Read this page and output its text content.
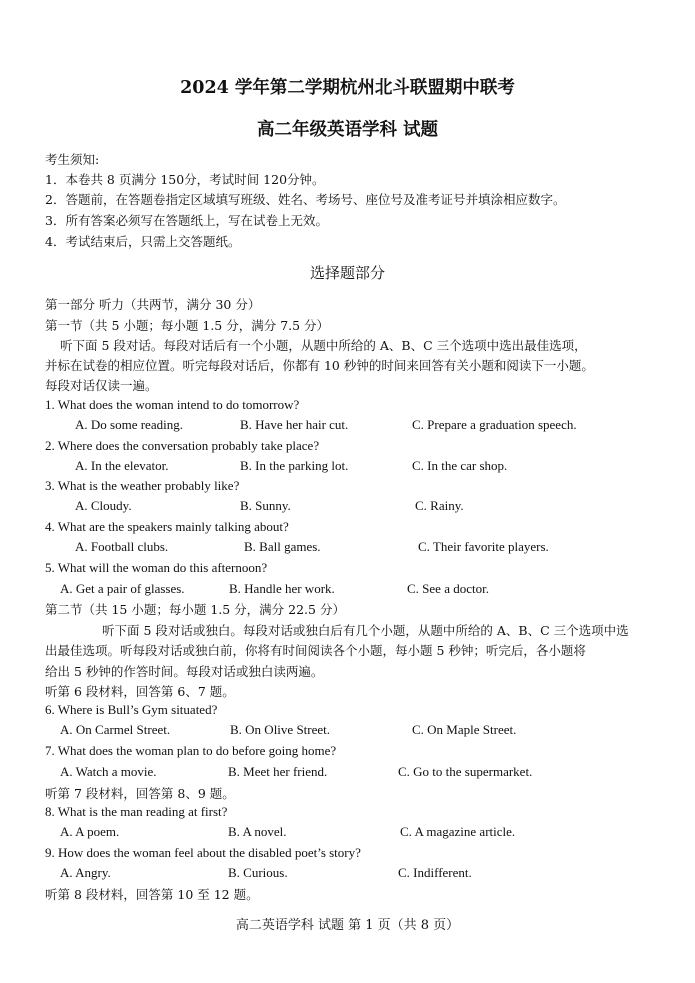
2024 学年第二学期杭州北斗联盟期中联考
高二年级英语学科 试题
考生须知:
1．本卷共 8 页满分 150分，考试时间 120分钟。
2．答题前，在答题卷指定区域填写班级、姓名、考场号、座位号及准考证号并填涂相应数字。
3．所有答案必须写在答题纸上，写在试卷上无效。
4．考试结束后，只需上交答题纸。
选择题部分
第一部分 听力（共两节，满分 30 分）
第一节（共 5 小题；每小题 1.5 分，满分 7.5 分）
听下面 5 段对话。每段对话后有一个小题，从题中所给的 A、B、C 三个选项中选出最佳选项，
并标在试卷的相应位置。听完每段对话后，你都有 10 秒钟的时间来回答有关小题和阅读下一小题。
每段对话仅读一遍。
1. What does the woman intend to do tomorrow?
A. Do some reading.	B. Have her hair cut.	C. Prepare a graduation speech.
2. Where does the conversation probably take place?
A. In the elevator.	B. In the parking lot.	C. In the car shop.
3. What is the weather probably like?
A. Cloudy.	B. Sunny.	C. Rainy.
4. What are the speakers mainly talking about?
A. Football clubs.	B. Ball games.	C. Their favorite players.
5. What will the woman do this afternoon?
A. Get a pair of glasses.	B. Handle her work.	C. See a doctor.
第二节（共 15 小题；每小题 1.5 分，满分 22.5 分）
听下面 5 段对话或独白。每段对话或独白后有几个小题，从题中所给的 A、B、C 三个选项中选
出最佳选项。听每段对话或独白前，你将有时间阅读各个小题，每小题 5 秒钟；听完后，各小题将
给出 5 秒钟的作答时间。每段对话或独白读两遍。
听第 6 段材料，回答第 6、7 题。
6. Where is Bull’s Gym situated?
A. On Carmel Street.	B. On Olive Street.	C. On Maple Street.
7. What does the woman plan to do before going home?
A. Watch a movie.	B. Meet her friend.	C. Go to the supermarket.
听第 7 段材料，回答第 8、9 题。
8. What is the man reading at first?
A. A poem.	B. A novel.	C. A magazine article.
9. How does the woman feel about the disabled poet’s story?
A. Angry.	B. Curious.	C. Indifferent.
听第 8 段材料，回答第 10 至 12 题。
高二英语学科 试题 第 1 页（共 8 页）
